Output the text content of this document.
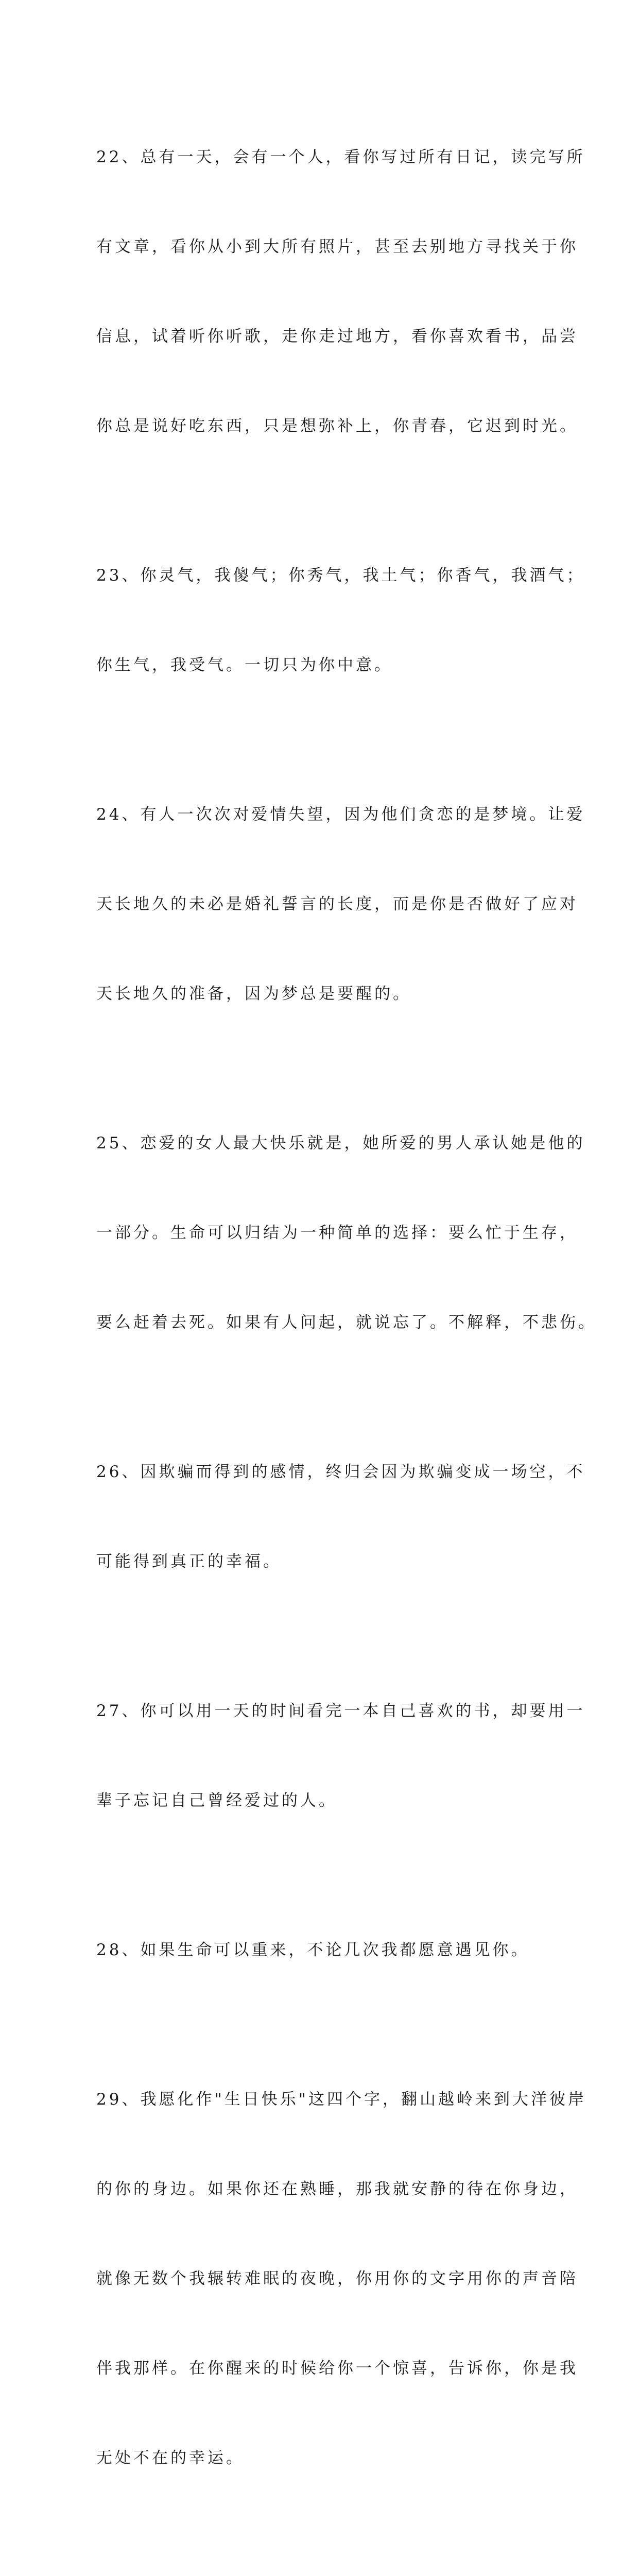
22、总有一天，会有一个人，看你写过所有日记，读完写所

有文章，看你从小到大所有照片，甚至去别地方寻找关于你

信息，试着听你听歌，走你走过地方，看你喜欢看书，品尝

你总是说好吃东西，只是想弥补上，你青春，它迟到时光。

23、你灵气，我傻气；你秀气，我土气；你香气，我酒气；

你生气，我受气。一切只为你中意。

24、有人一次次对爱情失望，因为他们贪恋的是梦境。让爱

天长地久的未必是婚礼誓言的长度，而是你是否做好了应对

天长地久的准备，因为梦总是要醒的。

25、恋爱的女人最大快乐就是，她所爱的男人承认她是他的

一部分。生命可以归结为一种简单的选择：要么忙于生存，

要么赶着去死。如果有人问起，就说忘了。不解释，不悲伤。

26、因欺骗而得到的感情，终归会因为欺骗变成一场空，不

可能得到真正的幸福。

27、你可以用一天的时间看完一本自己喜欢的书，却要用一

辈子忘记自己曾经爱过的人。

28、如果生命可以重来，不论几次我都愿意遇见你。

29、我愿化作"生日快乐"这四个字，翻山越岭来到大洋彼岸

的你的身边。如果你还在熟睡，那我就安静的待在你身边，

就像无数个我辗转难眠的夜晚，你用你的文字用你的声音陪

伴我那样。在你醒来的时候给你一个惊喜，告诉你，你是我

无处不在的幸运。
